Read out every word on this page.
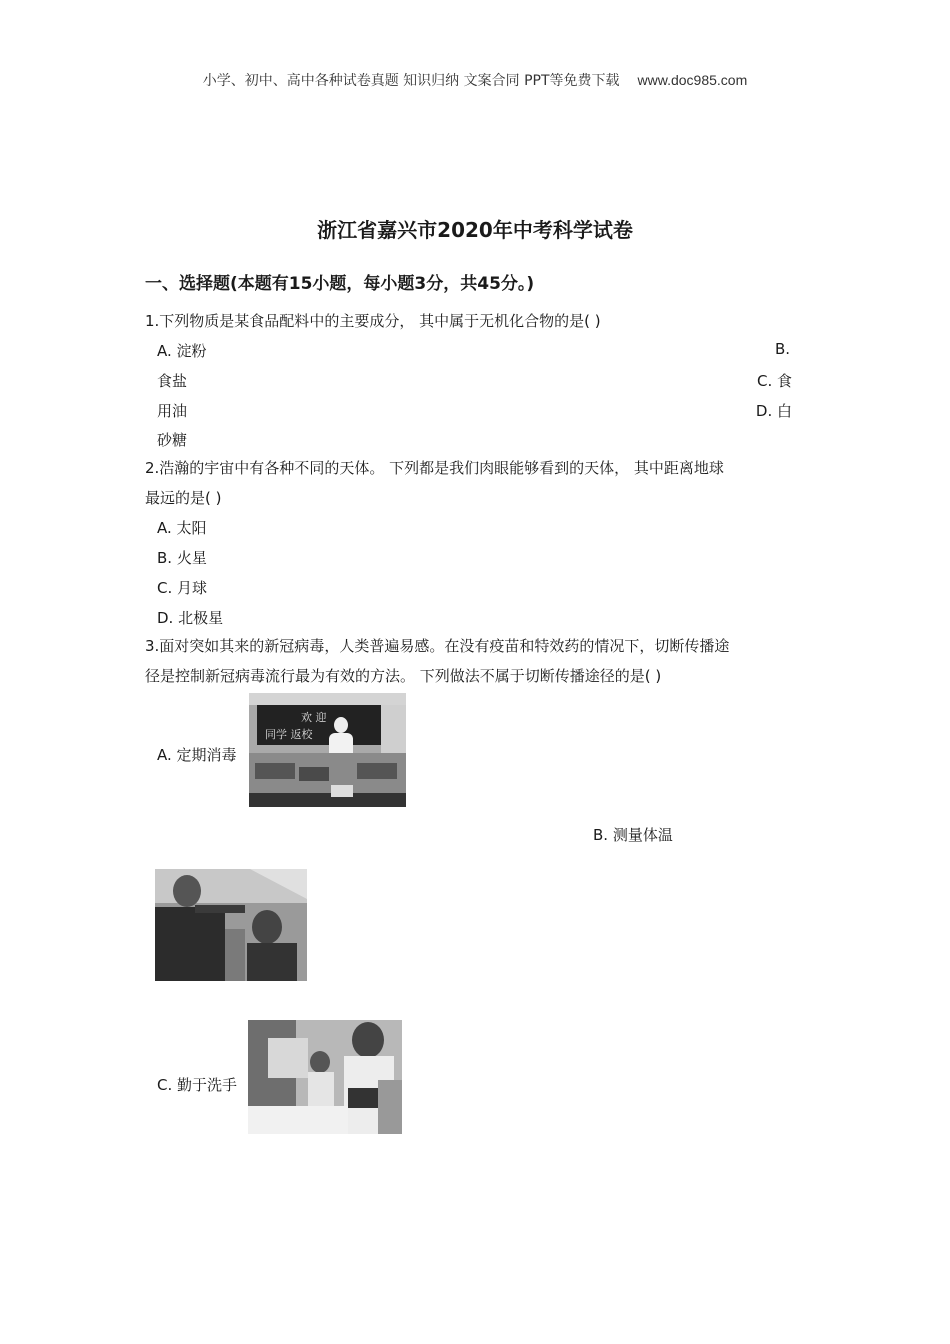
小学、初中、高中各种试卷真题 知识归纳 文案合同 PPT等免费下载 www.doc985.com
浙江省嘉兴市2020年中考科学试卷
一、选择题(本题有15小题，每小题3分，共45分。)
1.下列物质是某食品配料中的主要成分， 其中属于无机化合物的是( )
A. 淀粉	B.
食盐	C. 食
用油	D. 白
砂糖
2.浩瀚的宇宙中有各种不同的天体。 下列都是我们肉眼能够看到的天体， 其中距离地球
最远的是( )
A. 太阳
B. 火星
C. 月球
D. 北极星
3.面对突如其来的新冠病毒，人类普遍易感。在没有疫苗和特效药的情况下，切断传播途
径是控制新冠病毒流行最为有效的方法。 下列做法不属于切断传播途径的是( )
A. 定期消毒
欢 迎
同学 返校
B. 测量体温
C. 勤于洗手
